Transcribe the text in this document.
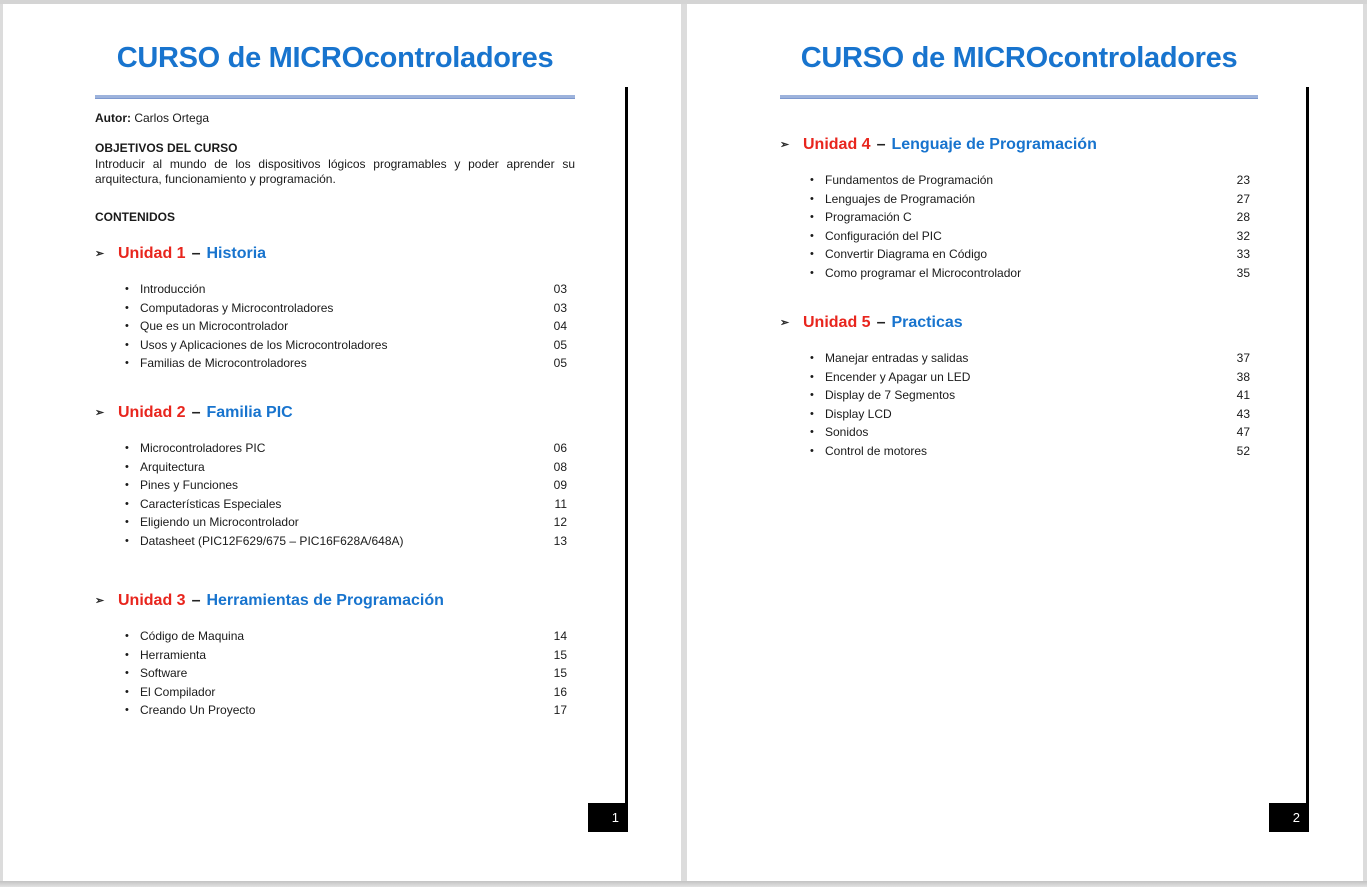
CURSO de MICROcontroladores
Autor: Carlos Ortega
OBJETIVOS DEL CURSO

Introducir al mundo de los dispositivos lógicos programables y poder aprender su arquitectura, funcionamiento y programación.

CONTENIDOS
➢ Unidad 1 – Historia
• Introducción	03
• Computadoras y Microcontroladores	03
• Que es un Microcontrolador	04
• Usos y Aplicaciones de los Microcontroladores	05
• Familias de Microcontroladores	05
➢ Unidad 2 – Familia PIC
• Microcontroladores PIC	06
• Arquitectura	08
• Pines y Funciones	09
• Características Especiales	11
• Eligiendo un Microcontrolador	12
• Datasheet (PIC12F629/675 – PIC16F628A/648A)	13
➢ Unidad 3 – Herramientas de Programación
• Código de Maquina	14
• Herramienta	15
• Software	15
• El Compilador	16
• Creando Un Proyecto	17
1
CURSO de MICROcontroladores
➢ Unidad 4 – Lenguaje de Programación
• Fundamentos de Programación	23
• Lenguajes de Programación	27
• Programación C	28
• Configuración del PIC	32
• Convertir Diagrama en Código	33
• Como programar el Microcontrolador	35
➢ Unidad 5 – Practicas
• Manejar entradas y salidas	37
• Encender y Apagar un LED	38
• Display de 7 Segmentos	41
• Display LCD	43
• Sonidos	47
• Control de motores	52
2
